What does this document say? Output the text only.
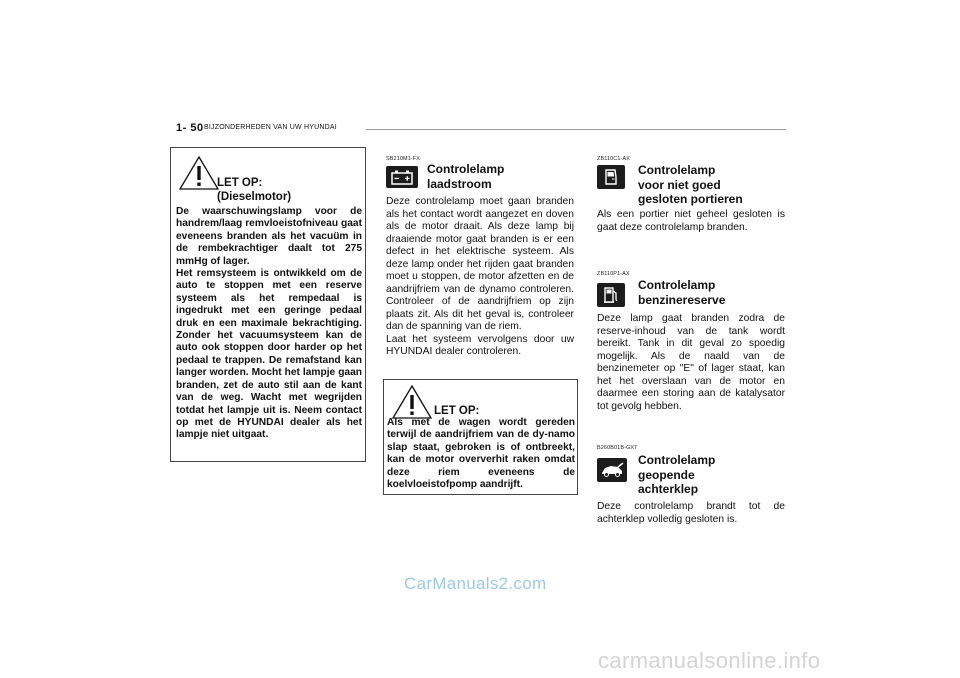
1- 50 BIJZONDERHEDEN VAN UW HYUNDAI
LET OP:
(Dieselmotor)
De waarschuwingslamp voor de handrem/laag remvloeistofniveau gaat eveneens branden als het vacuüm in de rembekrachtiger daalt tot 275 mmHg of lager.
Het remsysteem is ontwikkeld om de auto te stoppen met een reserve systeem als het rempedaal is ingedrukt met een geringe pedaal druk en een maximale bekrachtiging. Zonder het vacuumsysteem kan de auto ook stoppen door harder op het pedaal te trappen. De remafstand kan langer worden. Mocht het lampje gaan branden, zet de auto stil aan de kant van de weg. Wacht met wegrijden totdat het lampje uit is. Neem contact op met de HYUNDAI dealer als het lampje niet uitgaat.
SB210M1-FX
Controlelamp
laadstroom
Deze controlelamp moet gaan branden als het contact wordt aangezet en doven als de motor draait. Als deze lamp bij draaiende motor gaat branden is er een defect in het elektrische systeem. Als deze lamp onder het rijden gaat branden moet u stoppen, de motor afzetten en de aandrijfriem van de dynamo controleren. Controleer of de aandrijfriem op zijn plaats zit. Als dit het geval is, controleer dan de spanning van de riem.
Laat het systeem vervolgens door uw HYUNDAI dealer controleren.
LET OP:
Als met de wagen wordt gereden terwijl de aandrijfriem van de dy-namo slap staat, gebroken is of ontbreekt, kan de motor oververhit raken omdat deze riem eveneens de koelvloeistofpomp aandrijft.
ZB110C1-AX
Controlelamp
voor niet goed
gesloten portieren
Als een portier niet geheel gesloten is gaat deze controlelamp branden.
ZB110P1-AX
Controlelamp
benzinereserve
Deze lamp gaat branden zodra de reserve-inhoud van de tank wordt bereikt. Tank in dit geval zo spoedig mogelijk. Als de naald van de benzinemeter op "E" of lager staat, kan het het overslaan van de motor en daarmee een storing aan de katalysator tot gevolg hebben.
B260B01B-GXT
Controlelamp
geopende
achterklep
Deze controlelamp brandt tot de achterklep volledig gesloten is.
CarManuals2.com
carmanualsonline.info
